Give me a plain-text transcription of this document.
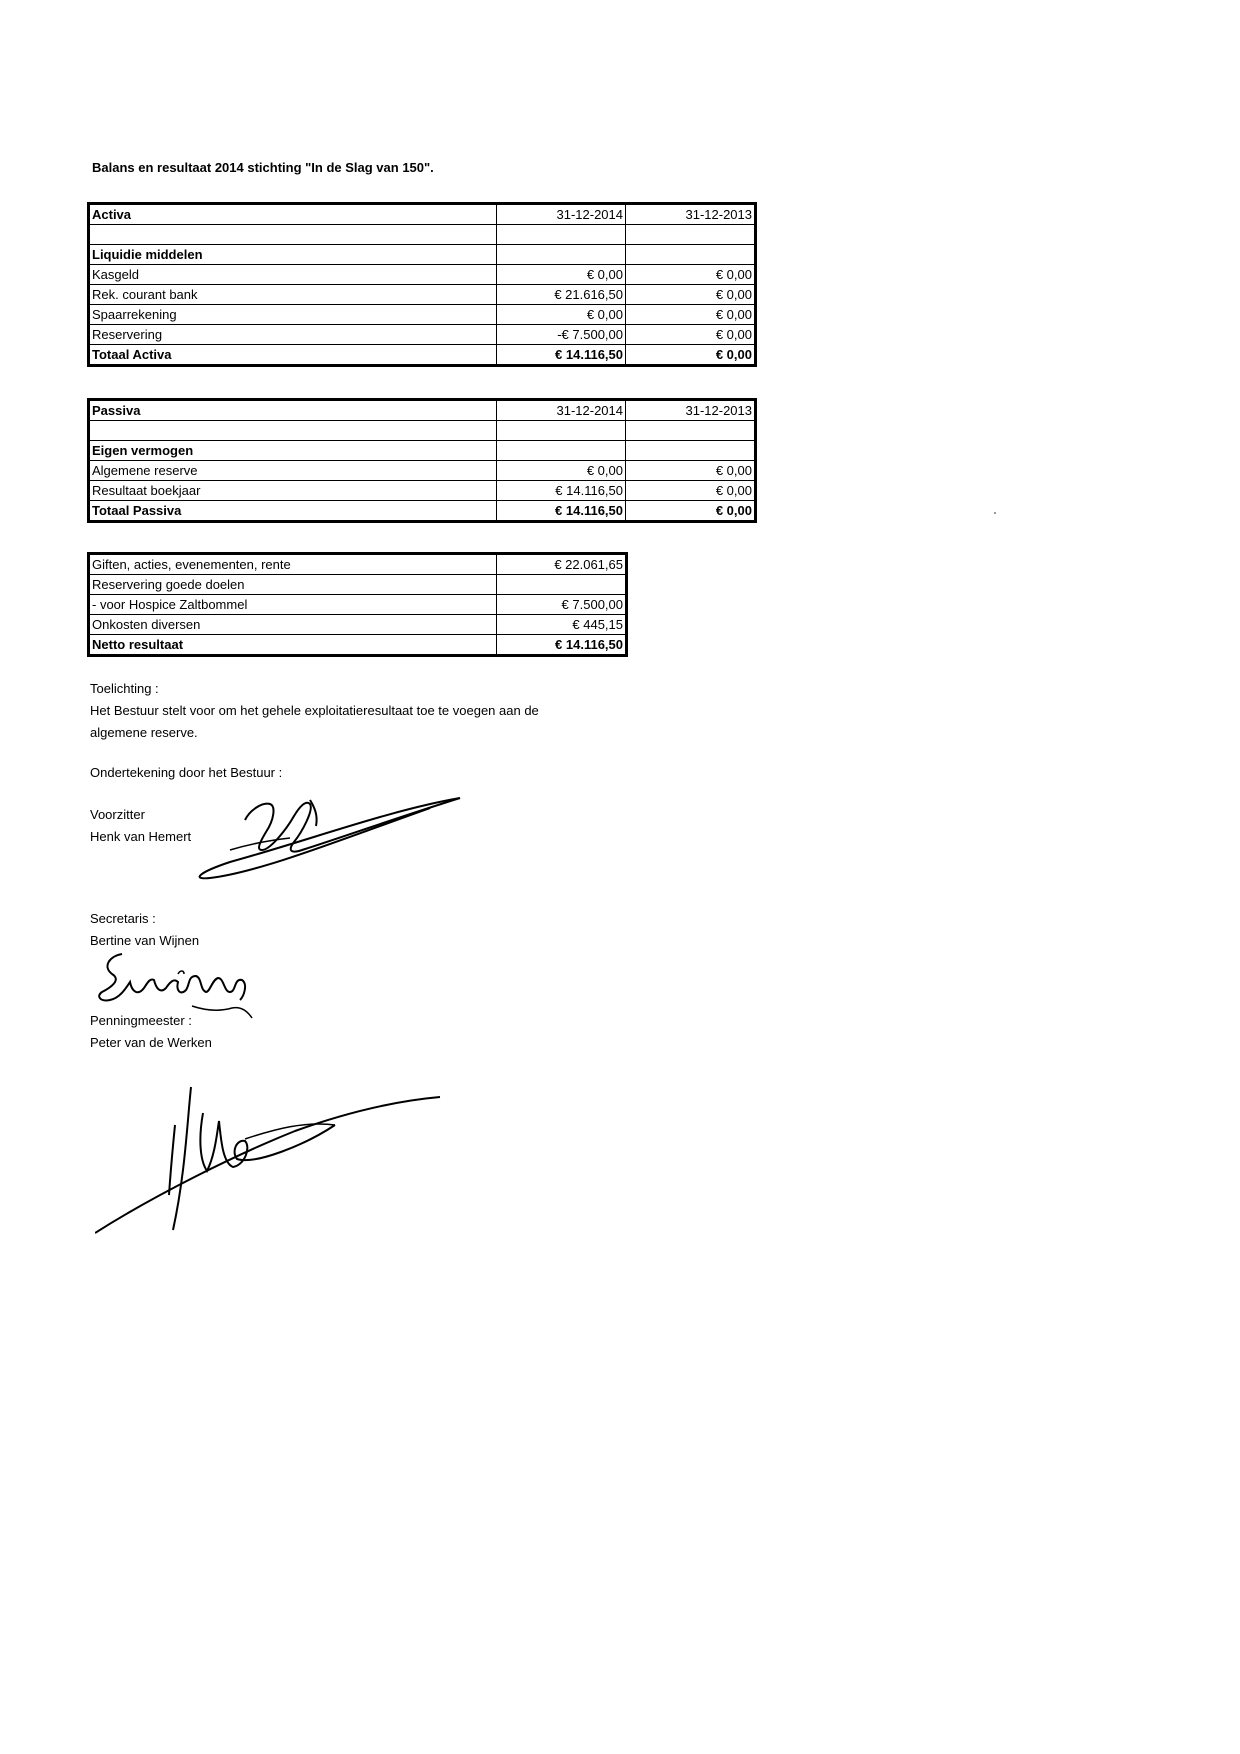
Balans en resultaat 2014 stichting "In de Slag van 150".
Activa	31-12-2014	31-12-2013

Liquidie middelen		
Kasgeld	€ 0,00	€ 0,00
Rek. courant bank	€ 21.616,50	€ 0,00
Spaarrekening	€ 0,00	€ 0,00
Reservering	-€ 7.500,00	€ 0,00
Totaal Activa	€ 14.116,50	€ 0,00
Passiva	31-12-2014	31-12-2013

Eigen vermogen		
Algemene reserve	€ 0,00	€ 0,00
Resultaat boekjaar	€ 14.116,50	€ 0,00
Totaal Passiva	€ 14.116,50	€ 0,00
Giften, acties, evenementen, rente	€ 22.061,65
Reservering goede doelen	
- voor Hospice Zaltbommel	€ 7.500,00
Onkosten diversen	€ 445,15
Netto resultaat	€ 14.116,50
Toelichting :
Het Bestuur stelt voor om het gehele exploitatieresultaat toe te voegen aan de
algemene reserve.
Ondertekening door het Bestuur :
Voorzitter
Henk van Hemert
Secretaris :
Bertine van Wijnen
Penningmeester :
Peter van de Werken
